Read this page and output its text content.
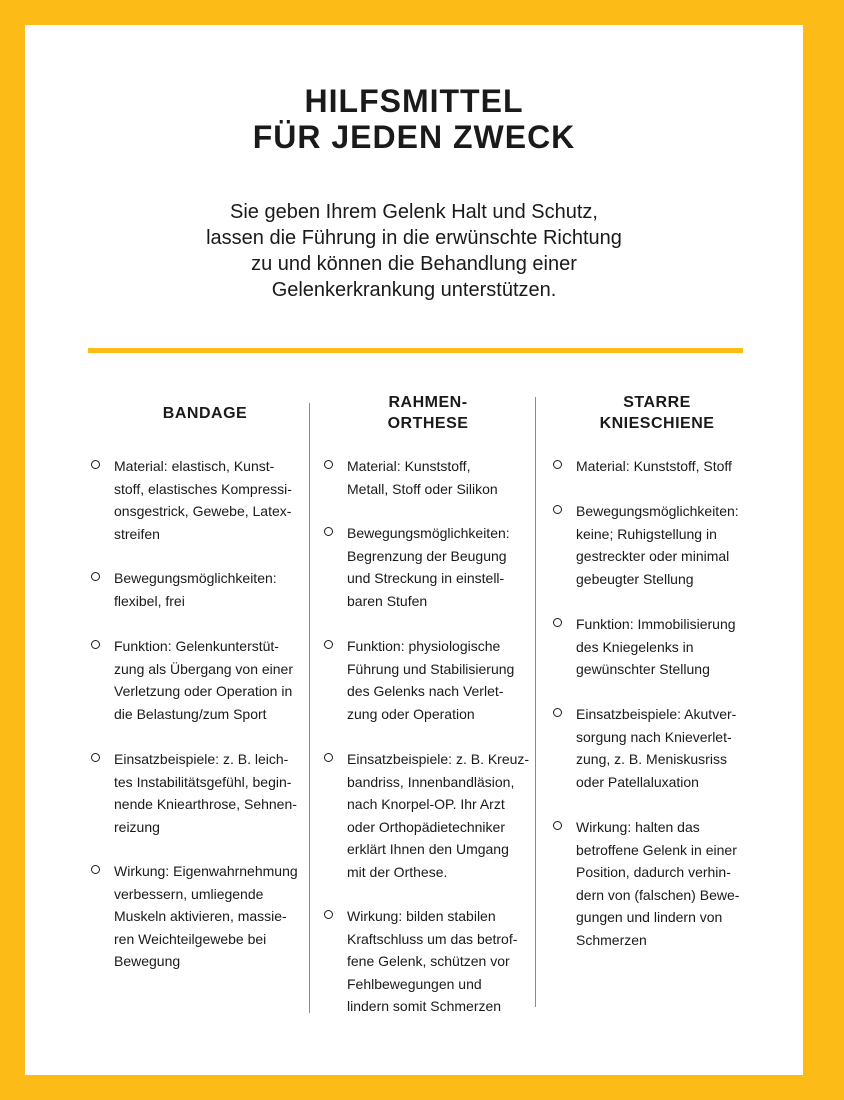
HILFSMITTEL
FÜR JEDEN ZWECK

Sie geben Ihrem Gelenk Halt und Schutz,
lassen die Führung in die erwünschte Richtung
zu und können die Behandlung einer
Gelenkerkrankung unterstützen.

BANDAGE
Material: elastisch, Kunst-
stoff, elastisches Kompressi-
onsgestrick, Gewebe, Latex-
streifen
Bewegungsmöglichkeiten:
flexibel, frei
Funktion: Gelenkunterstüt-
zung als Übergang von einer
Verletzung oder Operation in
die Belastung/zum Sport
Einsatzbeispiele: z. B. leich-
tes Instabilitätsgefühl, begin-
nende Kniearthrose, Sehnen-
reizung
Wirkung: Eigenwahrnehmung
verbessern, umliegende
Muskeln aktivieren, massie-
ren Weichteilgewebe bei
Bewegung
RAHMEN-
ORTHESE
Material: Kunststoff,
Metall, Stoff oder Silikon
Bewegungsmöglichkeiten:
Begrenzung der Beugung
und Streckung in einstell-
baren Stufen
Funktion: physiologische
Führung und Stabilisierung
des Gelenks nach Verlet-
zung oder Operation
Einsatzbeispiele: z. B. Kreuz-
bandriss, Innenbandläsion,
nach Knorpel-OP. Ihr Arzt
oder Orthopädietechniker
erklärt Ihnen den Umgang
mit der Orthese.
Wirkung: bilden stabilen
Kraftschluss um das betrof-
fene Gelenk, schützen vor
Fehlbewegungen und
lindern somit Schmerzen
STARRE
KNIESCHIENE
Material: Kunststoff, Stoff
Bewegungsmöglichkeiten:
keine; Ruhigstellung in
gestreckter oder minimal
gebeugter Stellung
Funktion: Immobilisierung
des Kniegelenks in
gewünschter Stellung
Einsatzbeispiele: Akutver-
sorgung nach Knieverlet-
zung, z. B. Meniskusriss
oder Patellaluxation
Wirkung: halten das
betroffene Gelenk in einer
Position, dadurch verhin-
dern von (falschen) Bewe-
gungen und lindern von
Schmerzen
